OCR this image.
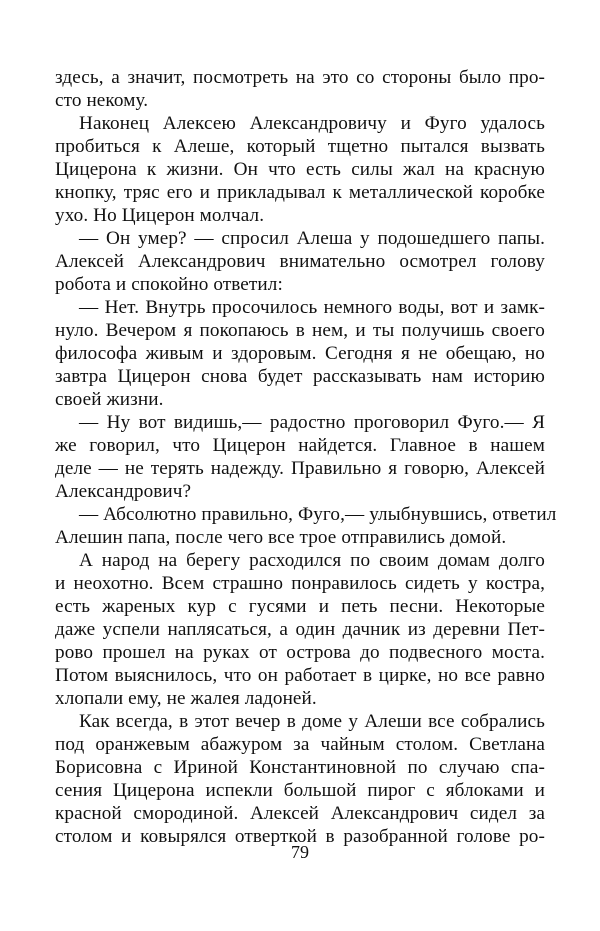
здесь, а значит, посмотреть на это со стороны было про-
сто некому.
Наконец Алексею Александровичу и Фуго удалось
пробиться к Алеше, который тщетно пытался вызвать
Цицерона к жизни. Он что есть силы жал на красную
кнопку, тряс его и прикладывал к металлической коробке
ухо. Но Цицерон молчал.
— Он умер? — спросил Алеша у подошедшего папы.
Алексей Александрович внимательно осмотрел голову
робота и спокойно ответил:
— Нет. Внутрь просочилось немного воды, вот и замк-
нуло. Вечером я покопаюсь в нем, и ты получишь своего
философа живым и здоровым. Сегодня я не обещаю, но
завтра Цицерон снова будет рассказывать нам историю
своей жизни.
— Ну вот видишь,— радостно проговорил Фуго.— Я
же говорил, что Цицерон найдется. Главное в нашем
деле — не терять надежду. Правильно я говорю, Алексей
Александрович?
— Абсолютно правильно, Фуго,— улыбнувшись, ответил
Алешин папа, после чего все трое отправились домой.
А народ на берегу расходился по своим домам долго
и неохотно. Всем страшно понравилось сидеть у костра,
есть жареных кур с гусями и петь песни. Некоторые
даже успели наплясаться, а один дачник из деревни Пет-
рово прошел на руках от острова до подвесного моста.
Потом выяснилось, что он работает в цирке, но все равно
хлопали ему, не жалея ладоней.
Как всегда, в этот вечер в доме у Алеши все собрались
под оранжевым абажуром за чайным столом. Светлана
Борисовна с Ириной Константиновной по случаю спа-
сения Цицерона испекли большой пирог с яблоками и
красной смородиной. Алексей Александрович сидел за
столом и ковырялся отверткой в разобранной голове ро-
79
